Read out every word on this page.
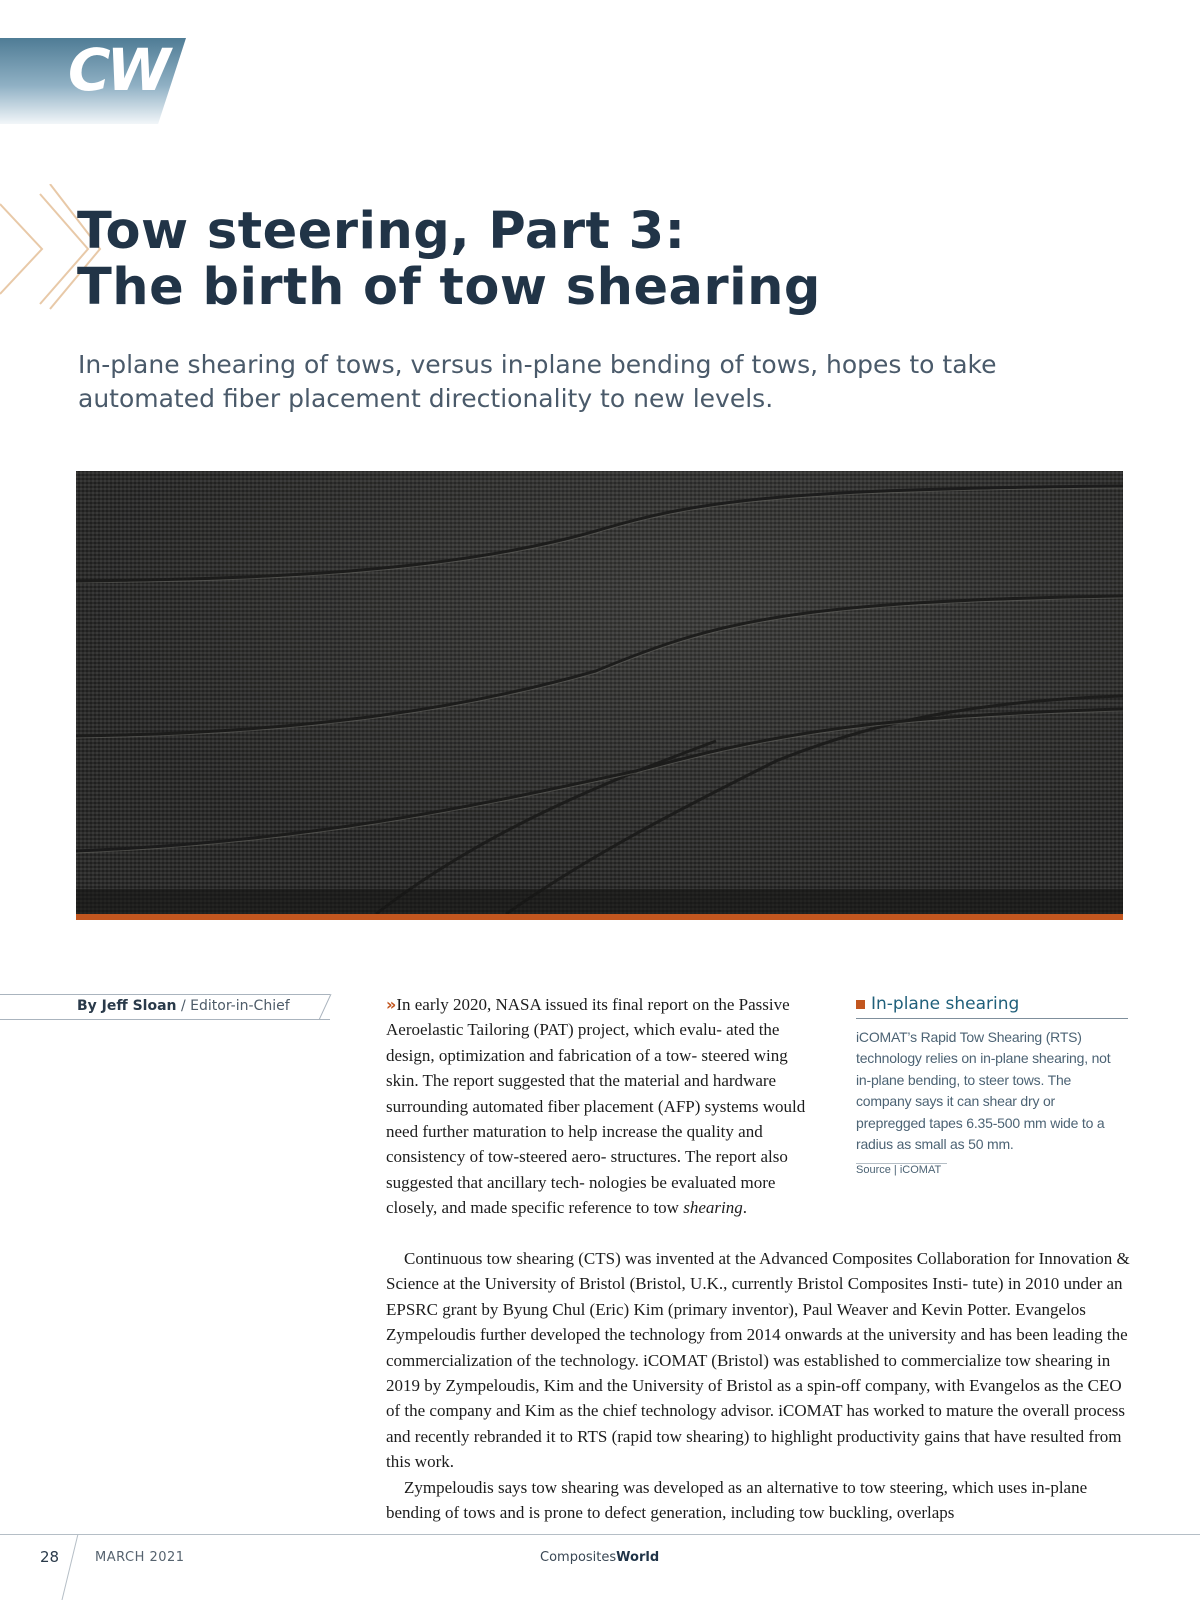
CW
Tow steering, Part 3:
The birth of tow shearing

In-plane shearing of tows, versus in-plane bending of tows, hopes to take automated fiber placement directionality to new levels.

By Jeff Sloan / Editor-in-Chief	»In early 2020, NASA issued its final report on the Passive Aeroelastic Tailoring (PAT) project, which evalu- ated the design, optimization and fabrication of a tow- steered wing skin. The report suggested that the material and hardware surrounding automated fiber placement (AFP) systems would need further maturation to help increase the quality and consistency of tow-steered aero- structures. The report also suggested that ancillary tech- nologies be evaluated more closely, and made specific reference to tow shearing.

Continuous tow shearing (CTS) was invented at the Advanced Composites Collaboration for Innovation & Science at the University of Bristol (Bristol, U.K., currently Bristol Composites Insti- tute) in 2010 under an EPSRC grant by Byung Chul (Eric) Kim (primary inventor), Paul Weaver and Kevin Potter. Evangelos Zympeloudis further developed the technology from 2014 onwards at the university and has been leading the commercialization of the technology. iCOMAT (Bristol) was established to commercialize tow shearing in 2019 by Zympeloudis, Kim and the University of Bristol as a spin-off company, with Evangelos as the CEO of the company and Kim as the chief technology advisor. iCOMAT has worked to mature the overall process and recently rebranded it to RTS (rapid tow shearing) to highlight productivity gains that have resulted from this work.

Zympeloudis says tow shearing was developed as an alternative to tow steering, which uses in-plane bending of tows and is prone to defect generation, including tow buckling, overlaps

In-plane shearing
iCOMAT’s Rapid Tow Shearing (RTS) technology relies on in-plane shearing, not in-plane bending, to steer tows. The company says it can shear dry or prepregged tapes 6.35-500 mm wide to a radius as small as 50 mm.
Source | iCOMAT
28	MARCH 2021	CompositesWorld
